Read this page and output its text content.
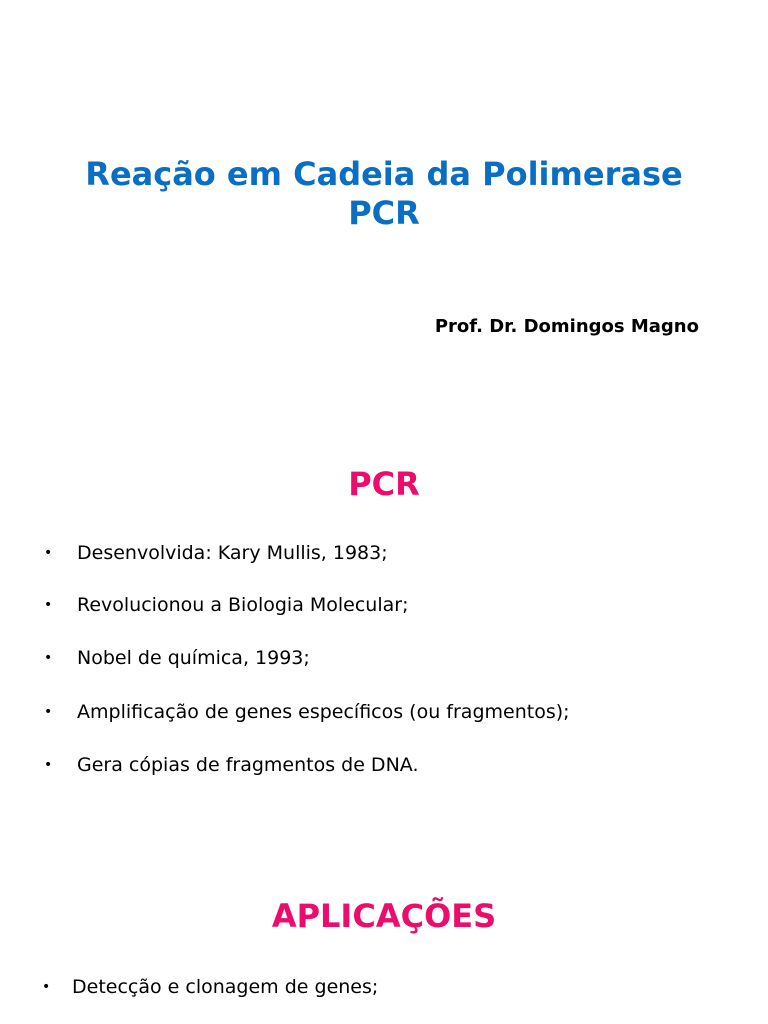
Reação em Cadeia da Polimerase
PCR
Prof. Dr. Domingos Magno
PCR
• Desenvolvida: Kary Mullis, 1983;
• Revolucionou a Biologia Molecular;
• Nobel de química, 1993;
• Amplificação de genes específicos (ou fragmentos);
• Gera cópias de fragmentos de DNA.
APLICAÇÕES
• Detecção e clonagem de genes;
